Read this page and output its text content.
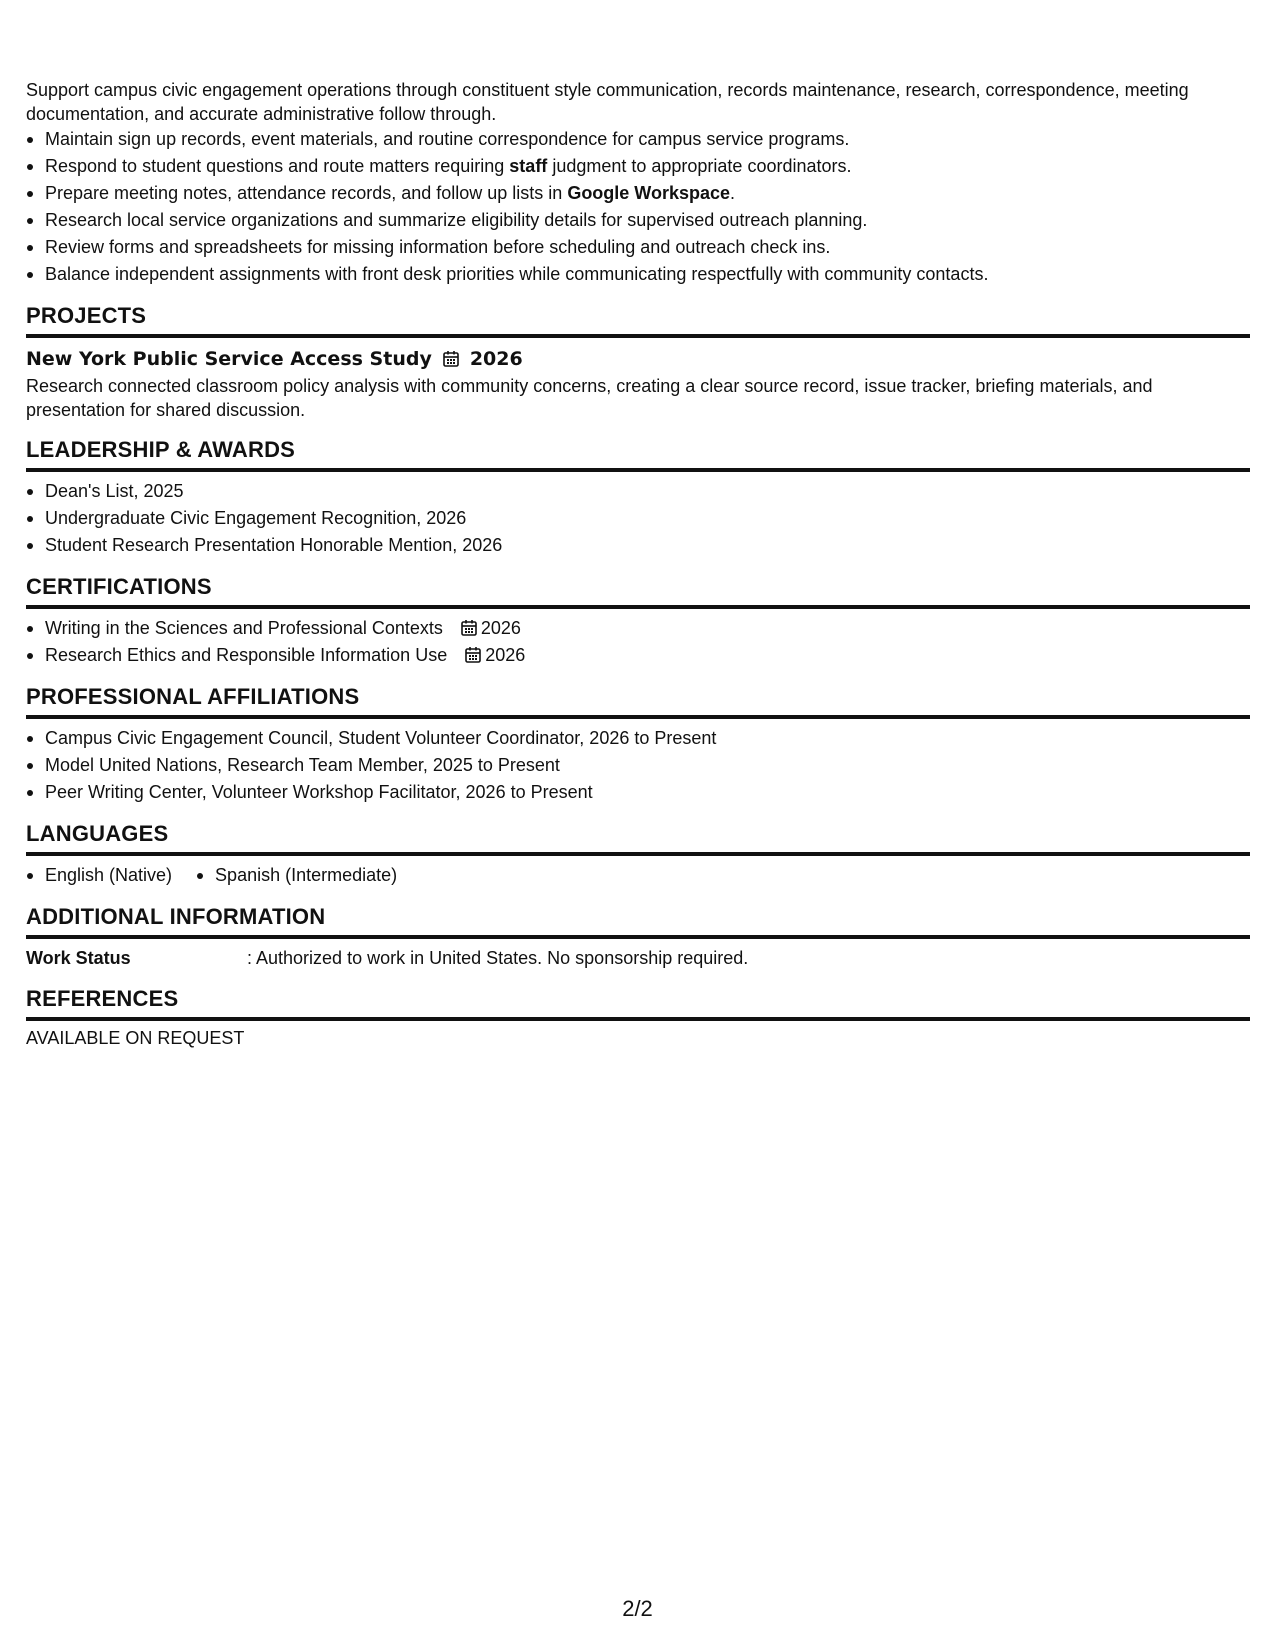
Support campus civic engagement operations through constituent style communication, records maintenance, research, correspondence, meeting documentation, and accurate administrative follow through.

Maintain sign up records, event materials, and routine correspondence for campus service programs.
Respond to student questions and route matters requiring staff judgment to appropriate coordinators.
Prepare meeting notes, attendance records, and follow up lists in Google Workspace.
Research local service organizations and summarize eligibility details for supervised outreach planning.
Review forms and spreadsheets for missing information before scheduling and outreach check ins.
Balance independent assignments with front desk priorities while communicating respectfully with community contacts.
PROJECTS
New York Public Service Access Study 2026

Research connected classroom policy analysis with community concerns, creating a clear source record, issue tracker, briefing materials, and presentation for shared discussion.

LEADERSHIP & AWARDS
Dean's List, 2025
Undergraduate Civic Engagement Recognition, 2026
Student Research Presentation Honorable Mention, 2026
CERTIFICATIONS
Writing in the Sciences and Professional Contexts 2026
Research Ethics and Responsible Information Use 2026
PROFESSIONAL AFFILIATIONS
Campus Civic Engagement Council, Student Volunteer Coordinator, 2026 to Present
Model United Nations, Research Team Member, 2025 to Present
Peer Writing Center, Volunteer Workshop Facilitator, 2026 to Present
LANGUAGES
English (Native)	Spanish (Intermediate)
ADDITIONAL INFORMATION
Work Status	: Authorized to work in United States. No sponsorship required.
REFERENCES

AVAILABLE ON REQUEST

2/2
